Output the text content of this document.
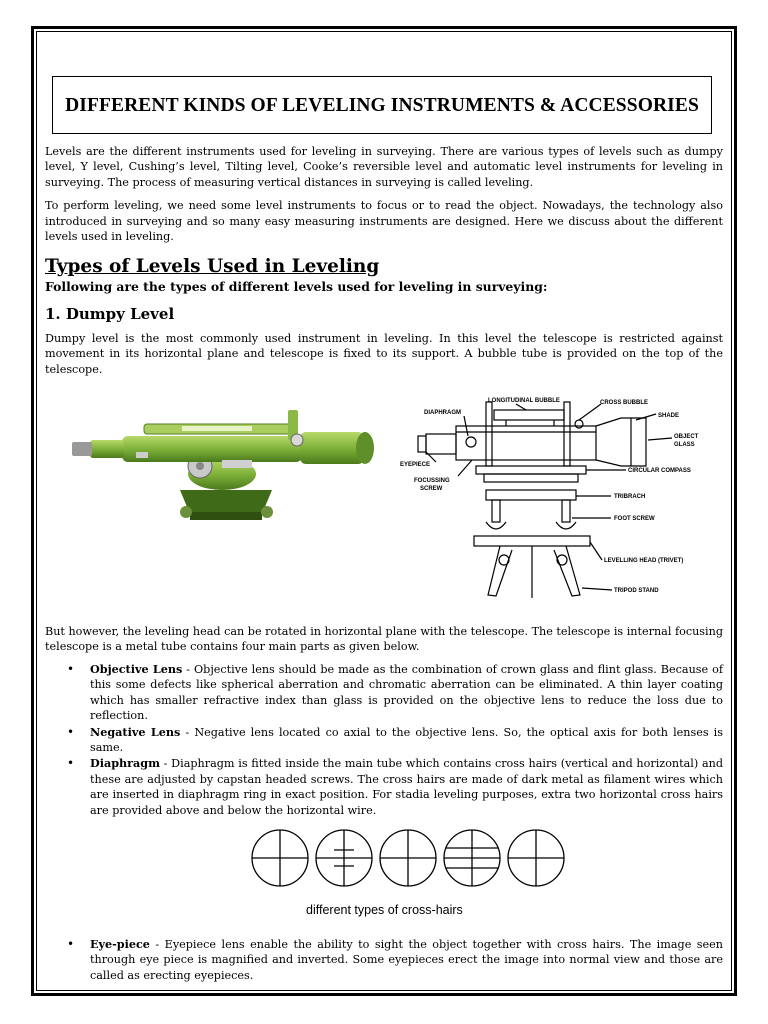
DIFFERENT KINDS OF LEVELING INSTRUMENTS & ACCESSORIES

Levels are the different instruments used for leveling in surveying. There are various types of levels such as dumpy level, Y level, Cushing’s level, Tilting level, Cooke’s reversible level and automatic level instruments for leveling in surveying. The process of measuring vertical distances in surveying is called leveling.

To perform leveling, we need some level instruments to focus or to read the object. Nowadays, the technology also introduced in surveying and so many easy measuring instruments are designed. Here we discuss about the different levels used in leveling.

Types of Levels Used in Leveling

Following are the types of different levels used for leveling in surveying:

1. Dumpy Level

Dumpy level is the most commonly used instrument in leveling. In this level the telescope is restricted against movement in its horizontal plane and telescope is fixed to its support. A bubble tube is provided on the top of the telescope.

LONGITUDINAL BUBBLE	CROSS BUBBLE
DIAPHRAGM	SHADE
OBJECT
GLASS
EYEPIECE
CIRCULAR COMPASS
FOCUSSING
SCREW
TRIBRACH
FOOT SCREW
LEVELLING HEAD (TRIVET)
TRIPOD STAND

But however, the leveling head can be rotated in horizontal plane with the telescope. The telescope is internal focusing telescope is a metal tube contains four main parts as given below.

• Objective Lens - Objective lens should be made as the combination of crown glass and flint glass. Because of this some defects like spherical aberration and chromatic aberration can be eliminated. A thin layer coating which has smaller refractive index than glass is provided on the objective lens to reduce the loss due to reflection.
• Negative Lens - Negative lens located co axial to the objective lens. So, the optical axis for both lenses is same.
• Diaphragm - Diaphragm is fitted inside the main tube which contains cross hairs (vertical and horizontal) and these are adjusted by capstan headed screws. The cross hairs are made of dark metal as filament wires which are inserted in diaphragm ring in exact position. For stadia leveling purposes, extra two horizontal cross hairs are provided above and below the horizontal wire.

different types of cross-hairs

• Eye-piece - Eyepiece lens enable the ability to sight the object together with cross hairs. The image seen through eye piece is magnified and inverted. Some eyepieces erect the image into normal view and those are called as erecting eyepieces.
